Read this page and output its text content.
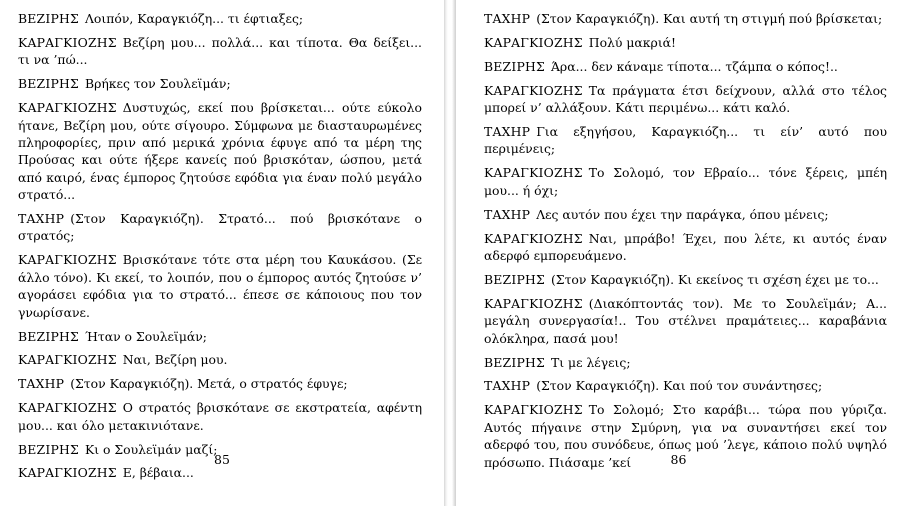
ΒΕΖΙΡΗΣ Λοιπόν, Καραγκιόζη... τι έφτιαξες;

ΚΑΡΑΓΚΙΟΖΗΣ Βεζίρη μου... πολλά... και τίποτα. Θα δείξει... τι να ’πώ...

ΒΕΖΙΡΗΣ Βρήκες τον Σουλεϊμάν;

ΚΑΡΑΓΚΙΟΖΗΣ Δυστυχώς, εκεί που βρίσκεται... ούτε εύκολο ήτανε, Βεζίρη μου, ούτε σίγουρο. Σύμφωνα με διασταυρωμένες πληροφορίες, πριν από μερικά χρόνια έφυγε από τα μέρη της Προύσας και ούτε ήξερε κανείς πού βρισκόταν, ώσπου, μετά από καιρό, ένας έμπορος ζητούσε εφόδια για έναν πολύ μεγάλο στρατό...

ΤΑΧΗΡ (Στον Καραγκιόζη). Στρατό... πού βρισκότανε ο στρατός;

ΚΑΡΑΓΚΙΟΖΗΣ Βρισκότανε τότε στα μέρη του Καυκάσου. (Σε άλλο τόνο). Κι εκεί, το λοιπόν, που ο έμπορος αυτός ζητούσε ν’ αγοράσει εφόδια για το στρατό... έπεσε σε κάποιους που τον γνωρίσανε.

ΒΕΖΙΡΗΣ Ήταν ο Σουλεϊμάν;

ΚΑΡΑΓΚΙΟΖΗΣ Ναι, Βεζίρη μου.

ΤΑΧΗΡ (Στον Καραγκιόζη). Μετά, ο στρατός έφυγε;

ΚΑΡΑΓΚΙΟΖΗΣ Ο στρατός βρισκότανε σε εκστρατεία, αφέντη μου... και όλο μετακινιότανε.

ΒΕΖΙΡΗΣ Κι ο Σουλεϊμάν μαζί;

ΚΑΡΑΓΚΙΟΖΗΣ Ε, βέβαια...

85

ΤΑΧΗΡ (Στον Καραγκιόζη). Και αυτή τη στιγμή πού βρίσκεται;

ΚΑΡΑΓΚΙΟΖΗΣ Πολύ μακριά!

ΒΕΖΙΡΗΣ Άρα... δεν κάναμε τίποτα... τζάμπα ο κόπος!..

ΚΑΡΑΓΚΙΟΖΗΣ Τα πράγματα έτσι δείχνουν, αλλά στο τέλος μπορεί ν’ αλλάξουν. Κάτι περιμένω... κάτι καλό.

ΤΑΧΗΡ Για εξηγήσου, Καραγκιόζη... τι είν’ αυτό που περιμένεις;

ΚΑΡΑΓΚΙΟΖΗΣ Το Σολομό, τον Εβραίο... τόνε ξέρεις, μπέη μου... ή όχι;

ΤΑΧΗΡ Λες αυτόν που έχει την παράγκα, όπου μένεις;

ΚΑΡΑΓΚΙΟΖΗΣ Ναι, μπράβο! Έχει, που λέτε, κι αυτός έναν αδερφό εμπορευάμενο.

ΒΕΖΙΡΗΣ (Στον Καραγκιόζη). Κι εκείνος τι σχέση έχει με το...

ΚΑΡΑΓΚΙΟΖΗΣ (Διακόπτοντάς τον). Με το Σουλεϊμάν; Α... μεγάλη συνεργασία!.. Του στέλνει πραμάτειες... καραβάνια ολόκληρα, πασά μου!

ΒΕΖΙΡΗΣ Τι με λέγεις;

ΤΑΧΗΡ (Στον Καραγκιόζη). Και πού τον συνάντησες;

ΚΑΡΑΓΚΙΟΖΗΣ Το Σολομό; Στο καράβι... τώρα που γύριζα. Αυτός πήγαινε στην Σμύρνη, για να συναντήσει εκεί τον αδερφό του, που συνόδευε, όπως μού ’λεγε, κάποιο πολύ υψηλό πρόσωπο. Πιάσαμε ’κεί	86
